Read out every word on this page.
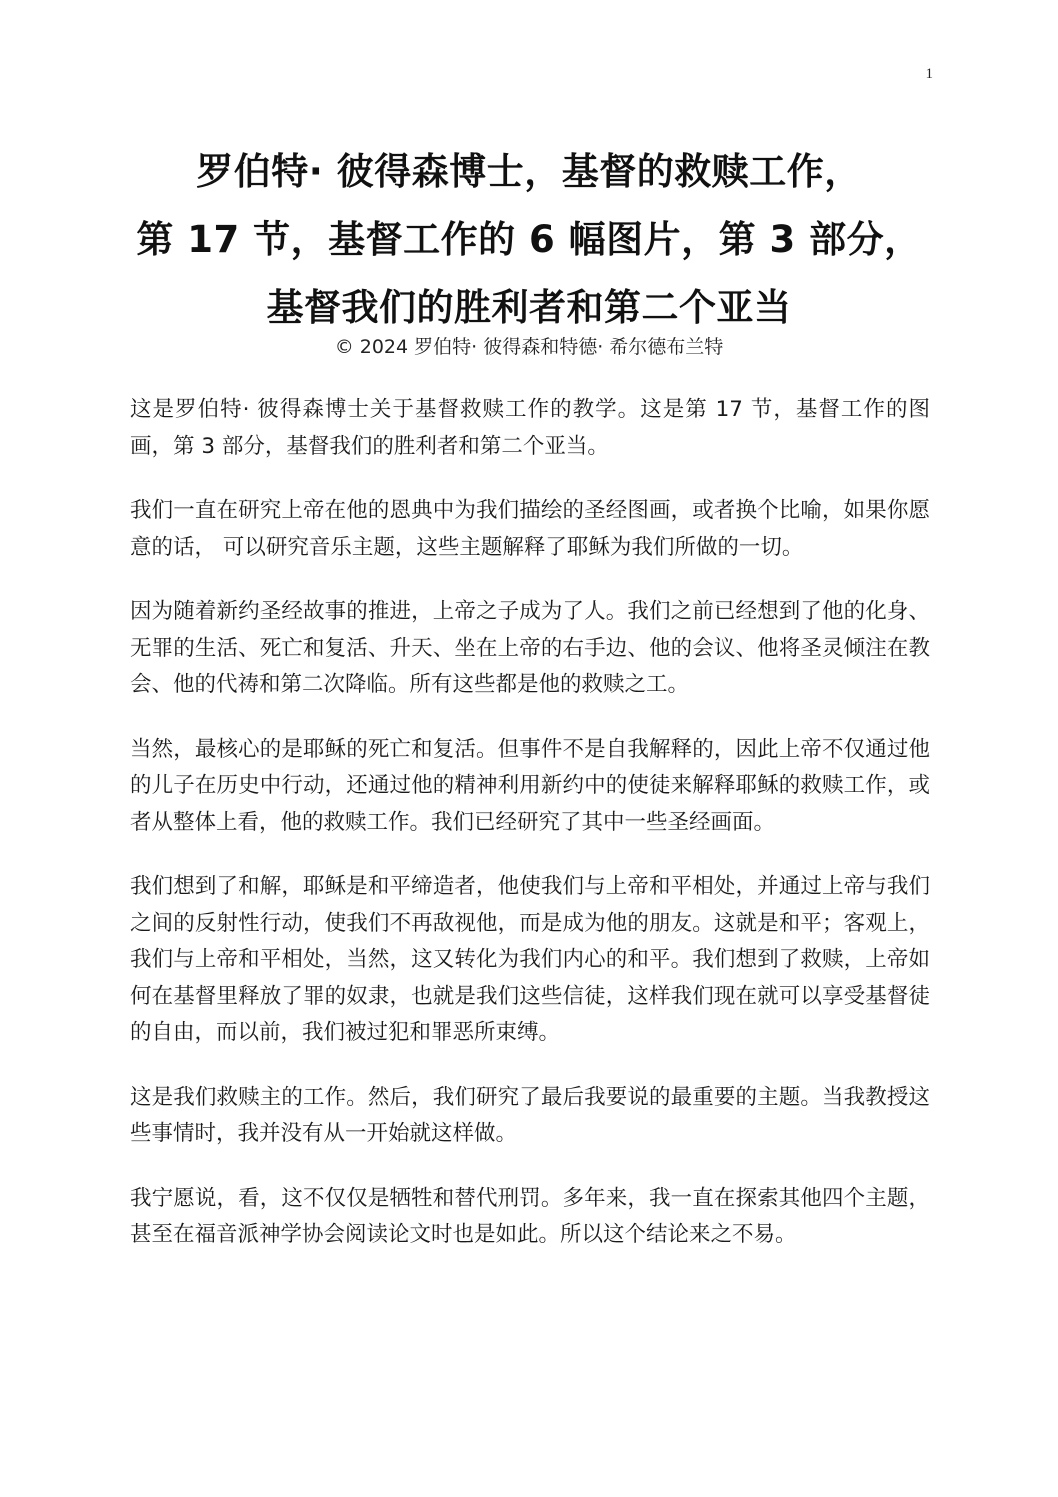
1
罗伯特· 彼得森博士，基督的救赎工作，
第 17 节，基督工作的 6 幅图片，第 3 部分，
基督我们的胜利者和第二个亚当
© 2024 罗伯特· 彼得森和特德· 希尔德布兰特

这是罗伯特· 彼得森博士关于基督救赎工作的教学。这是第 17 节，基督工作的图画，第 3 部分，基督我们的胜利者和第二个亚当。

我们一直在研究上帝在他的恩典中为我们描绘的圣经图画，或者换个比喻，如果你愿意的话， 可以研究音乐主题，这些主题解释了耶稣为我们所做的一切。

因为随着新约圣经故事的推进，上帝之子成为了人。我们之前已经想到了他的化身、无罪的生活、死亡和复活、升天、坐在上帝的右手边、他的会议、他将圣灵倾注在教会、他的代祷和第二次降临。所有这些都是他的救赎之工。

当然，最核心的是耶稣的死亡和复活。但事件不是自我解释的，因此上帝不仅通过他的儿子在历史中行动，还通过他的精神利用新约中的使徒来解释耶稣的救赎工作，或者从整体上看，他的救赎工作。我们已经研究了其中一些圣经画面。

我们想到了和解，耶稣是和平缔造者，他使我们与上帝和平相处，并通过上帝与我们之间的反射性行动，使我们不再敌视他，而是成为他的朋友。这就是和平；客观上，我们与上帝和平相处，当然，这又转化为我们内心的和平。我们想到了救赎，上帝如何在基督里释放了罪的奴隶，也就是我们这些信徒，这样我们现在就可以享受基督徒的自由，而以前，我们被过犯和罪恶所束缚。

这是我们救赎主的工作。然后，我们研究了最后我要说的最重要的主题。当我教授这些事情时，我并没有从一开始就这样做。

我宁愿说，看，这不仅仅是牺牲和替代刑罚。多年来，我一直在探索其他四个主题，甚至在福音派神学协会阅读论文时也是如此。所以这个结论来之不易。
